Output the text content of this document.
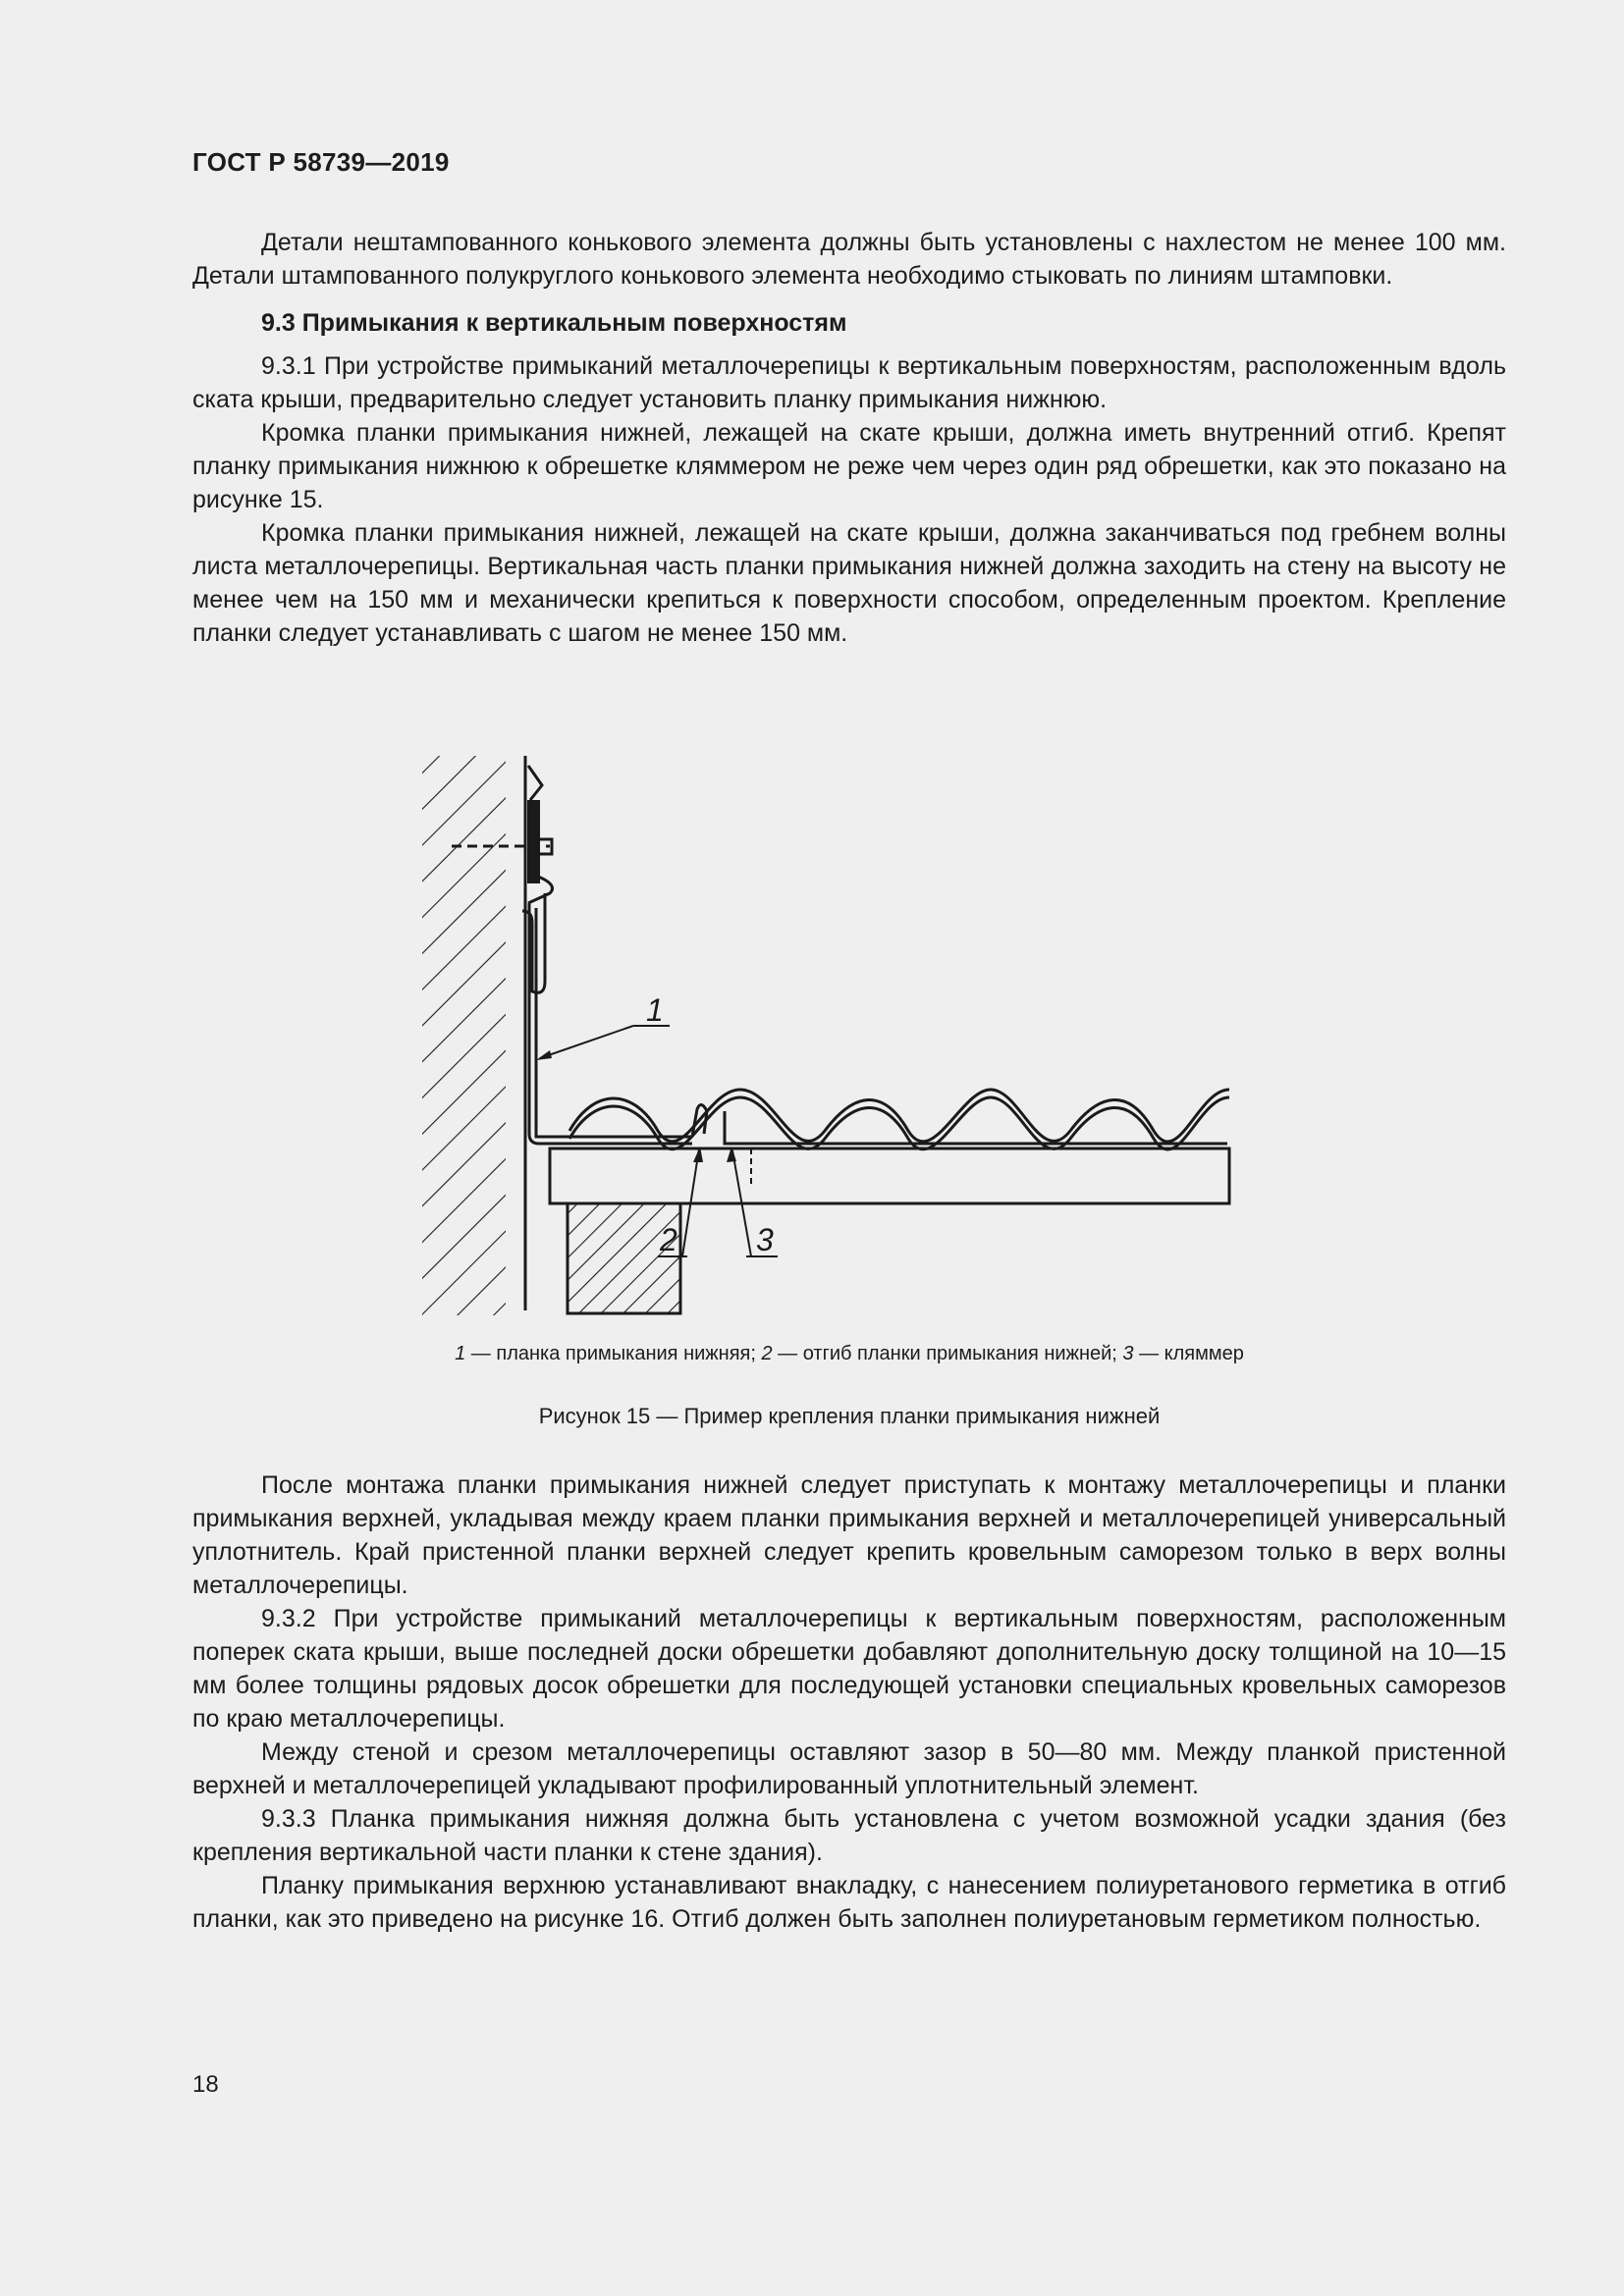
ГОСТ Р 58739—2019

Детали нештампованного конькового элемента должны быть установлены с нахлестом не менее 100 мм. Детали штампованного полукруглого конькового элемента необходимо стыковать по линиям штамповки.

9.3 Примыкания к вертикальным поверхностям

9.3.1 При устройстве примыканий металлочерепицы к вертикальным поверхностям, расположенным вдоль ската крыши, предварительно следует установить планку примыкания нижнюю.

Кромка планки примыкания нижней, лежащей на скате крыши, должна иметь внутренний отгиб. Крепят планку примыкания нижнюю к обрешетке кляммером не реже чем через один ряд обрешетки, как это показано на рисунке 15.

Кромка планки примыкания нижней, лежащей на скате крыши, должна заканчиваться под гребнем волны листа металлочерепицы. Вертикальная часть планки примыкания нижней должна заходить на стену на высоту не менее чем на 150 мм и механически крепиться к поверхности способом, определенным проектом. Крепление планки следует устанавливать с шагом не менее 150 мм.

1
2	3
1 — планка примыкания нижняя; 2 — отгиб планки примыкания нижней; 3 — кляммер
Рисунок 15 — Пример крепления планки примыкания нижней

После монтажа планки примыкания нижней следует приступать к монтажу металлочерепицы и планки примыкания верхней, укладывая между краем планки примыкания верхней и металлочерепицей универсальный уплотнитель. Край пристенной планки верхней следует крепить кровельным саморезом только в верх волны металлочерепицы.

9.3.2 При устройстве примыканий металлочерепицы к вертикальным поверхностям, расположенным поперек ската крыши, выше последней доски обрешетки добавляют дополнительную доску толщиной на 10—15 мм более толщины рядовых досок обрешетки для последующей установки специальных кровельных саморезов по краю металлочерепицы.

Между стеной и срезом металлочерепицы оставляют зазор в 50—80 мм. Между планкой пристенной верхней и металлочерепицей укладывают профилированный уплотнительный элемент.

9.3.3 Планка примыкания нижняя должна быть установлена с учетом возможной усадки здания (без крепления вертикальной части планки к стене здания).

Планку примыкания верхнюю устанавливают внакладку, с нанесением полиуретанового герметика в отгиб планки, как это приведено на рисунке 16. Отгиб должен быть заполнен полиуретановым герметиком полностью.

18
